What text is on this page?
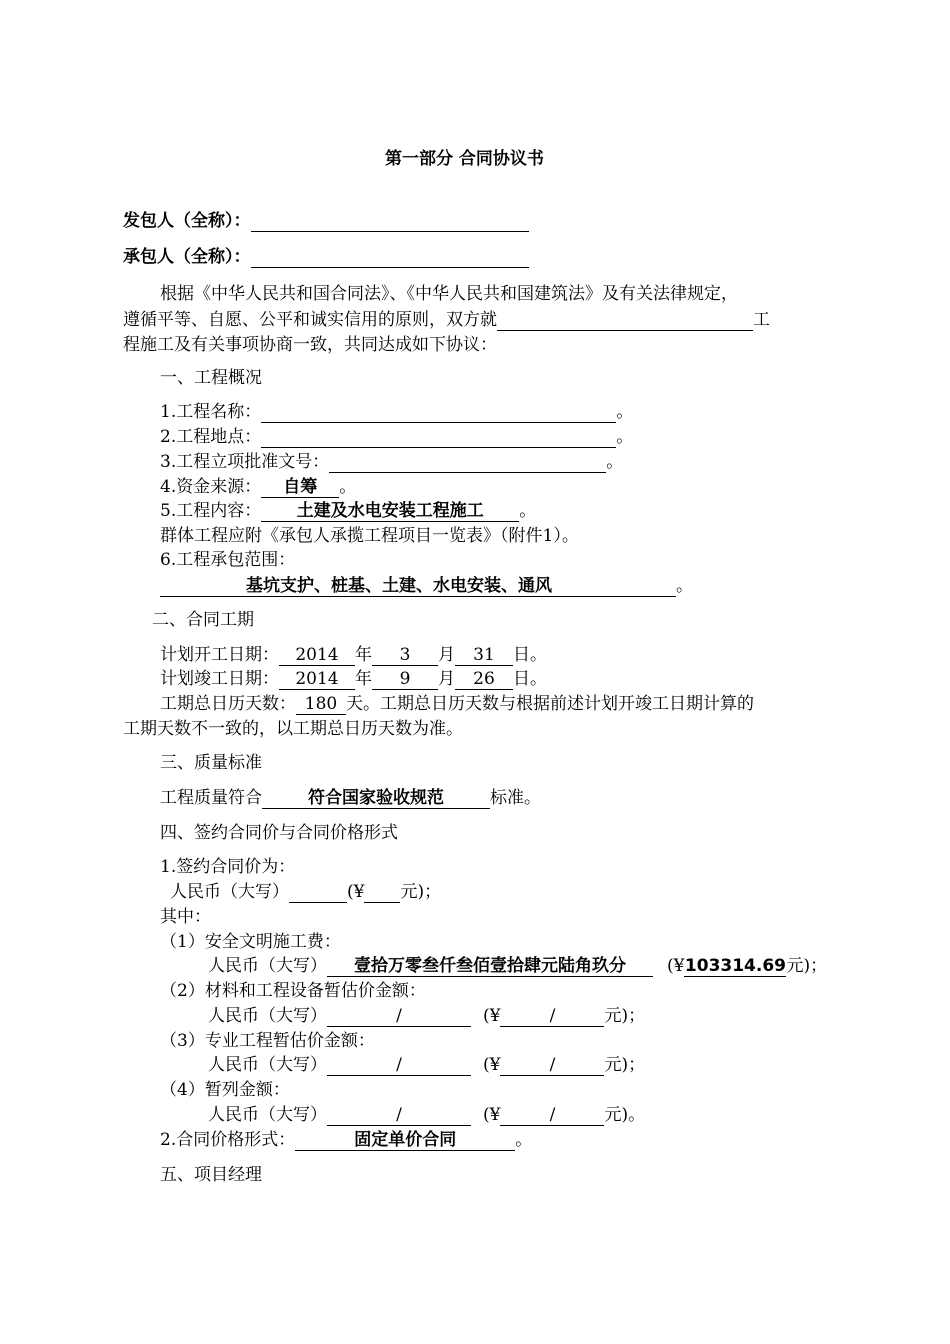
第一部分 合同协议书
发包人（全称）：
承包人（全称）：
根据《中华人民共和国合同法》、《中华人民共和国建筑法》及有关法律规定，
遵循平等、自愿、公平和诚实信用的原则，双方就	工
程施工及有关事项协商一致，共同达成如下协议：
一、工程概况
1.工程名称：	。
2.工程地点：	。
3.工程立项批准文号：	。
4.资金来源： 自筹 。
5.工程内容： 土建及水电安装工程施工 。
群体工程应附《承包人承揽工程项目一览表》（附件1）。
6.工程承包范围：
基坑支护、桩基、土建、水电安装、通风	。
二、合同工期
计划开工日期： 2014 年 3 月 31 日。
计划竣工日期： 2014 年 9 月 26 日。
工期总日历天数： 180 天。工期总日历天数与根据前述计划开竣工日期计算的
工期天数不一致的，以工期总日历天数为准。
三、质量标准
工程质量符合	符合国家验收规范	标准。
四、签约合同价与合同价格形式
1.签约合同价为：
人民币（大写）	(¥ 元)；
其中：
（1）安全文明施工费：
人民币（大写） 壹拾万零叁仟叁佰壹拾肆元陆角玖分 (¥103314.69元)；
（2）材料和工程设备暂估价金额：
人民币（大写）	/	(¥	/	元)；
（3）专业工程暂估价金额：
人民币（大写）	/	(¥	/	元)；
（4）暂列金额：
人民币（大写）	/	(¥	/	元)。
2.合同价格形式：	固定单价合同	。
五、项目经理
